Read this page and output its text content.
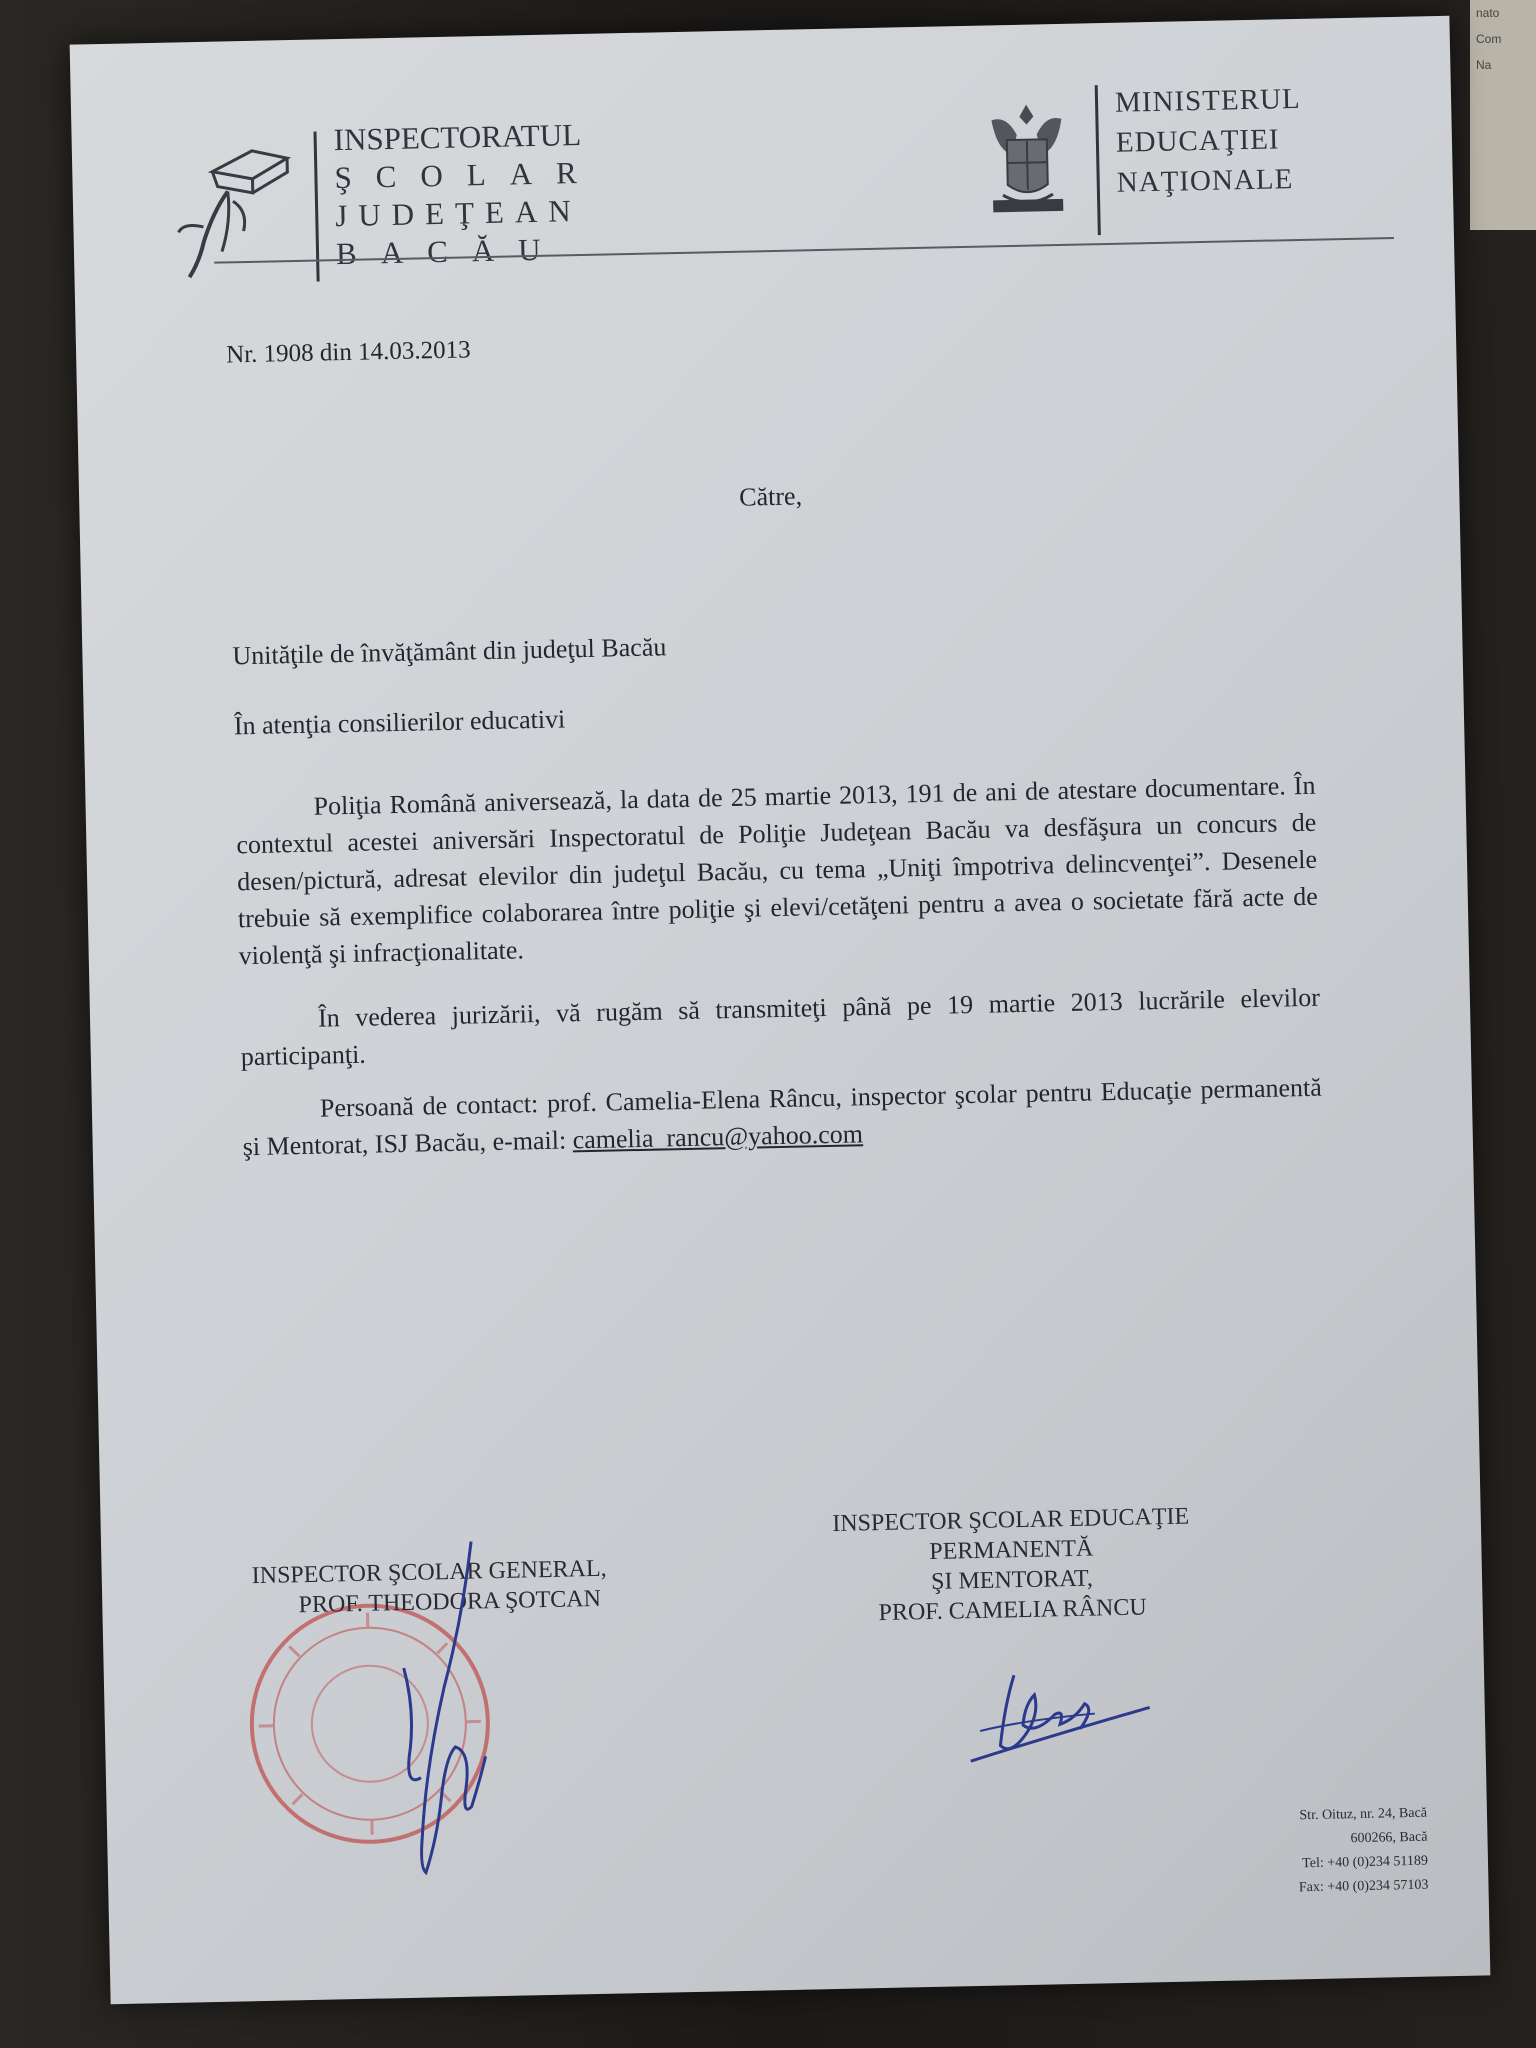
nato
Com
Na
INSPECTORATUL
ŞCOLAR
JUDEŢEAN
BACĂU
MINISTERUL
EDUCAŢIEI
NAŢIONALE
Nr. 1908 din 14.03.2013
Către,
Unităţile de învăţământ din judeţul Bacău
În atenţia consilierilor educativi

Poliţia Română aniversează, la data de 25 martie 2013, 191 de ani de atestare documentare. În contextul acestei aniversări Inspectoratul de Poliţie Judeţean Bacău va desfăşura un concurs de desen/pictură, adresat elevilor din judeţul Bacău, cu tema „Uniţi împotriva delincvenţei”. Desenele trebuie să exemplifice colaborarea între poliţie şi elevi/cetăţeni pentru a avea o societate fără acte de violenţă şi infracţionalitate.

În vederea jurizării, vă rugăm să transmiteţi până pe 19 martie 2013 lucrările elevilor participanţi.

Persoană de contact: prof. Camelia-Elena Râncu, inspector şcolar pentru Educaţie permanentă şi Mentorat, ISJ Bacău, e-mail: camelia_rancu@yahoo.com

INSPECTOR ŞCOLAR GENERAL,
PROF. THEODORA ŞOTCAN
INSPECTOR ŞCOLAR EDUCAŢIE
PERMANENTĂ
ŞI MENTORAT,
PROF. CAMELIA RÂNCU
Str. Oituz, nr. 24, Bacă
600266, Bacă
Tel: +40 (0)234 51189
Fax: +40 (0)234 57103
